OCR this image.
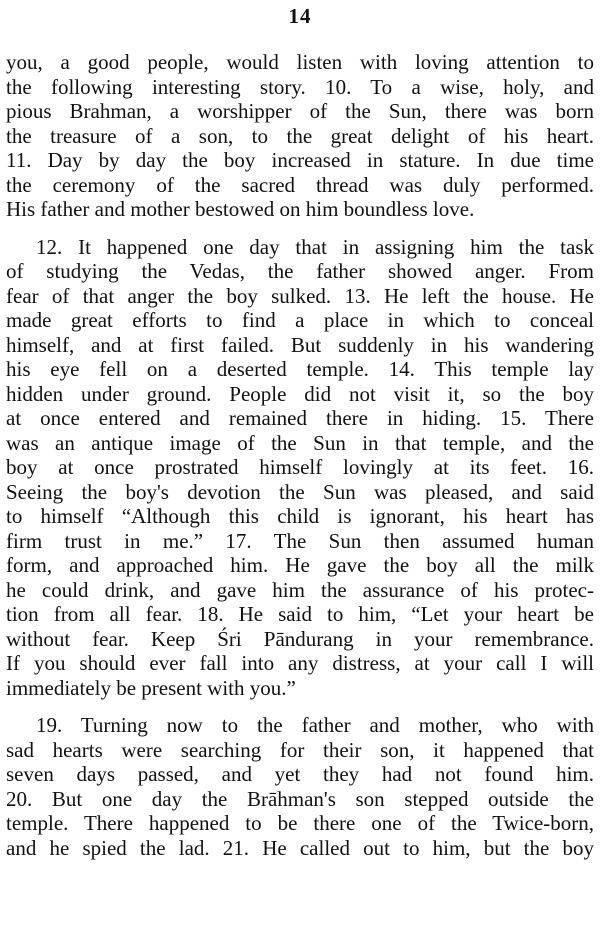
14
you, a good people, would listen with loving attention to
the following interesting story. 10. To a wise, holy, and
pious Brahman, a worshipper of the Sun, there was born
the treasure of a son, to the great delight of his heart.
11. Day by day the boy increased in stature. In due time
the ceremony of the sacred thread was duly performed.
His father and mother bestowed on him boundless love.
12. It happened one day that in assigning him the task
of studying the Vedas, the father showed anger. From
fear of that anger the boy sulked. 13. He left the house. He
made great efforts to find a place in which to conceal
himself, and at first failed. But suddenly in his wandering
his eye fell on a deserted temple. 14. This temple lay
hidden under ground. People did not visit it, so the boy
at once entered and remained there in hiding. 15. There
was an antique image of the Sun in that temple, and the
boy at once prostrated himself lovingly at its feet. 16.
Seeing the boy's devotion the Sun was pleased, and said
to himself “Although this child is ignorant, his heart has
firm trust in me.” 17. The Sun then assumed human
form, and approached him. He gave the boy all the milk
he could drink, and gave him the assurance of his protec-
tion from all fear. 18. He said to him, “Let your heart be
without fear. Keep Śri Pāndurang in your remembrance.
If you should ever fall into any distress, at your call I will
immediately be present with you.”
19. Turning now to the father and mother, who with
sad hearts were searching for their son, it happened that
seven days passed, and yet they had not found him.
20. But one day the Brāhman's son stepped outside the
temple. There happened to be there one of the Twice-born,
and he spied the lad. 21. He called out to him, but the boy
